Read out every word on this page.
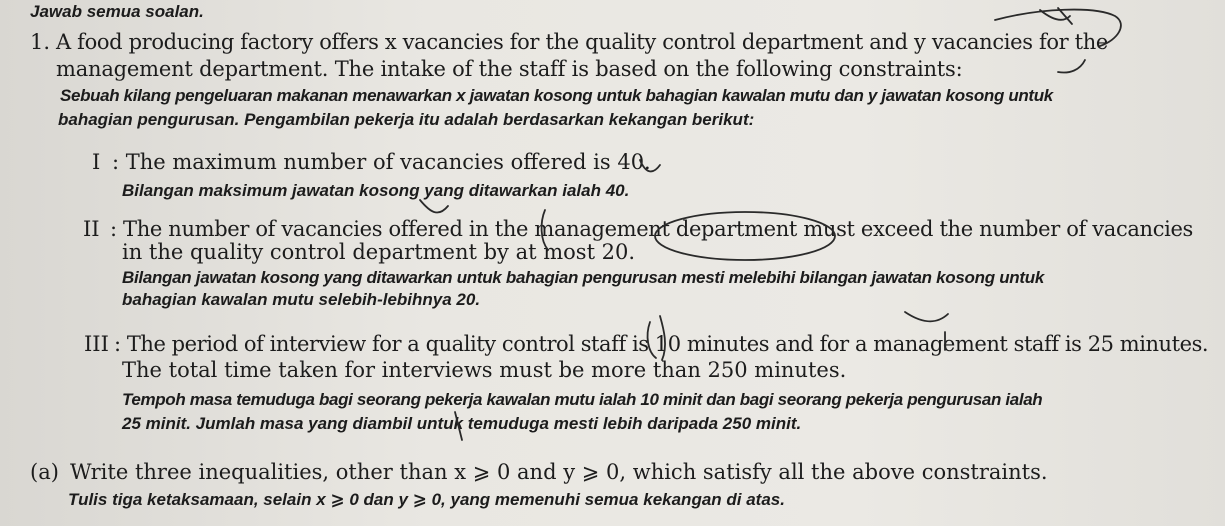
Jawab semua soalan.

1. A food producing factory offers x vacancies for the quality control department and y vacancies for the
management department. The intake of the staff is based on the following constraints:
Sebuah kilang pengeluaran makanan menawarkan x jawatan kosong untuk bahagian kawalan mutu dan y jawatan kosong untuk
bahagian pengurusan. Pengambilan pekerja itu adalah berdasarkan kekangan berikut:
I : The maximum number of vacancies offered is 40.
Bilangan maksimum jawatan kosong yang ditawarkan ialah 40.
II : The number of vacancies offered in the management department must exceed the number of vacancies
in the quality control department by at most 20.
Bilangan jawatan kosong yang ditawarkan untuk bahagian pengurusan mesti melebihi bilangan jawatan kosong untuk
bahagian kawalan mutu selebih-lebihnya 20.
III : The period of interview for a quality control staff is 10 minutes and for a management staff is 25 minutes.
The total time taken for interviews must be more than 250 minutes.
Tempoh masa temuduga bagi seorang pekerja kawalan mutu ialah 10 minit dan bagi seorang pekerja pengurusan ialah
25 minit. Jumlah masa yang diambil untuk temuduga mesti lebih daripada 250 minit.
(a) Write three inequalities, other than x ⩾ 0 and y ⩾ 0, which satisfy all the above constraints.
Tulis tiga ketaksamaan, selain x ⩾ 0 dan y ⩾ 0, yang memenuhi semua kekangan di atas.
